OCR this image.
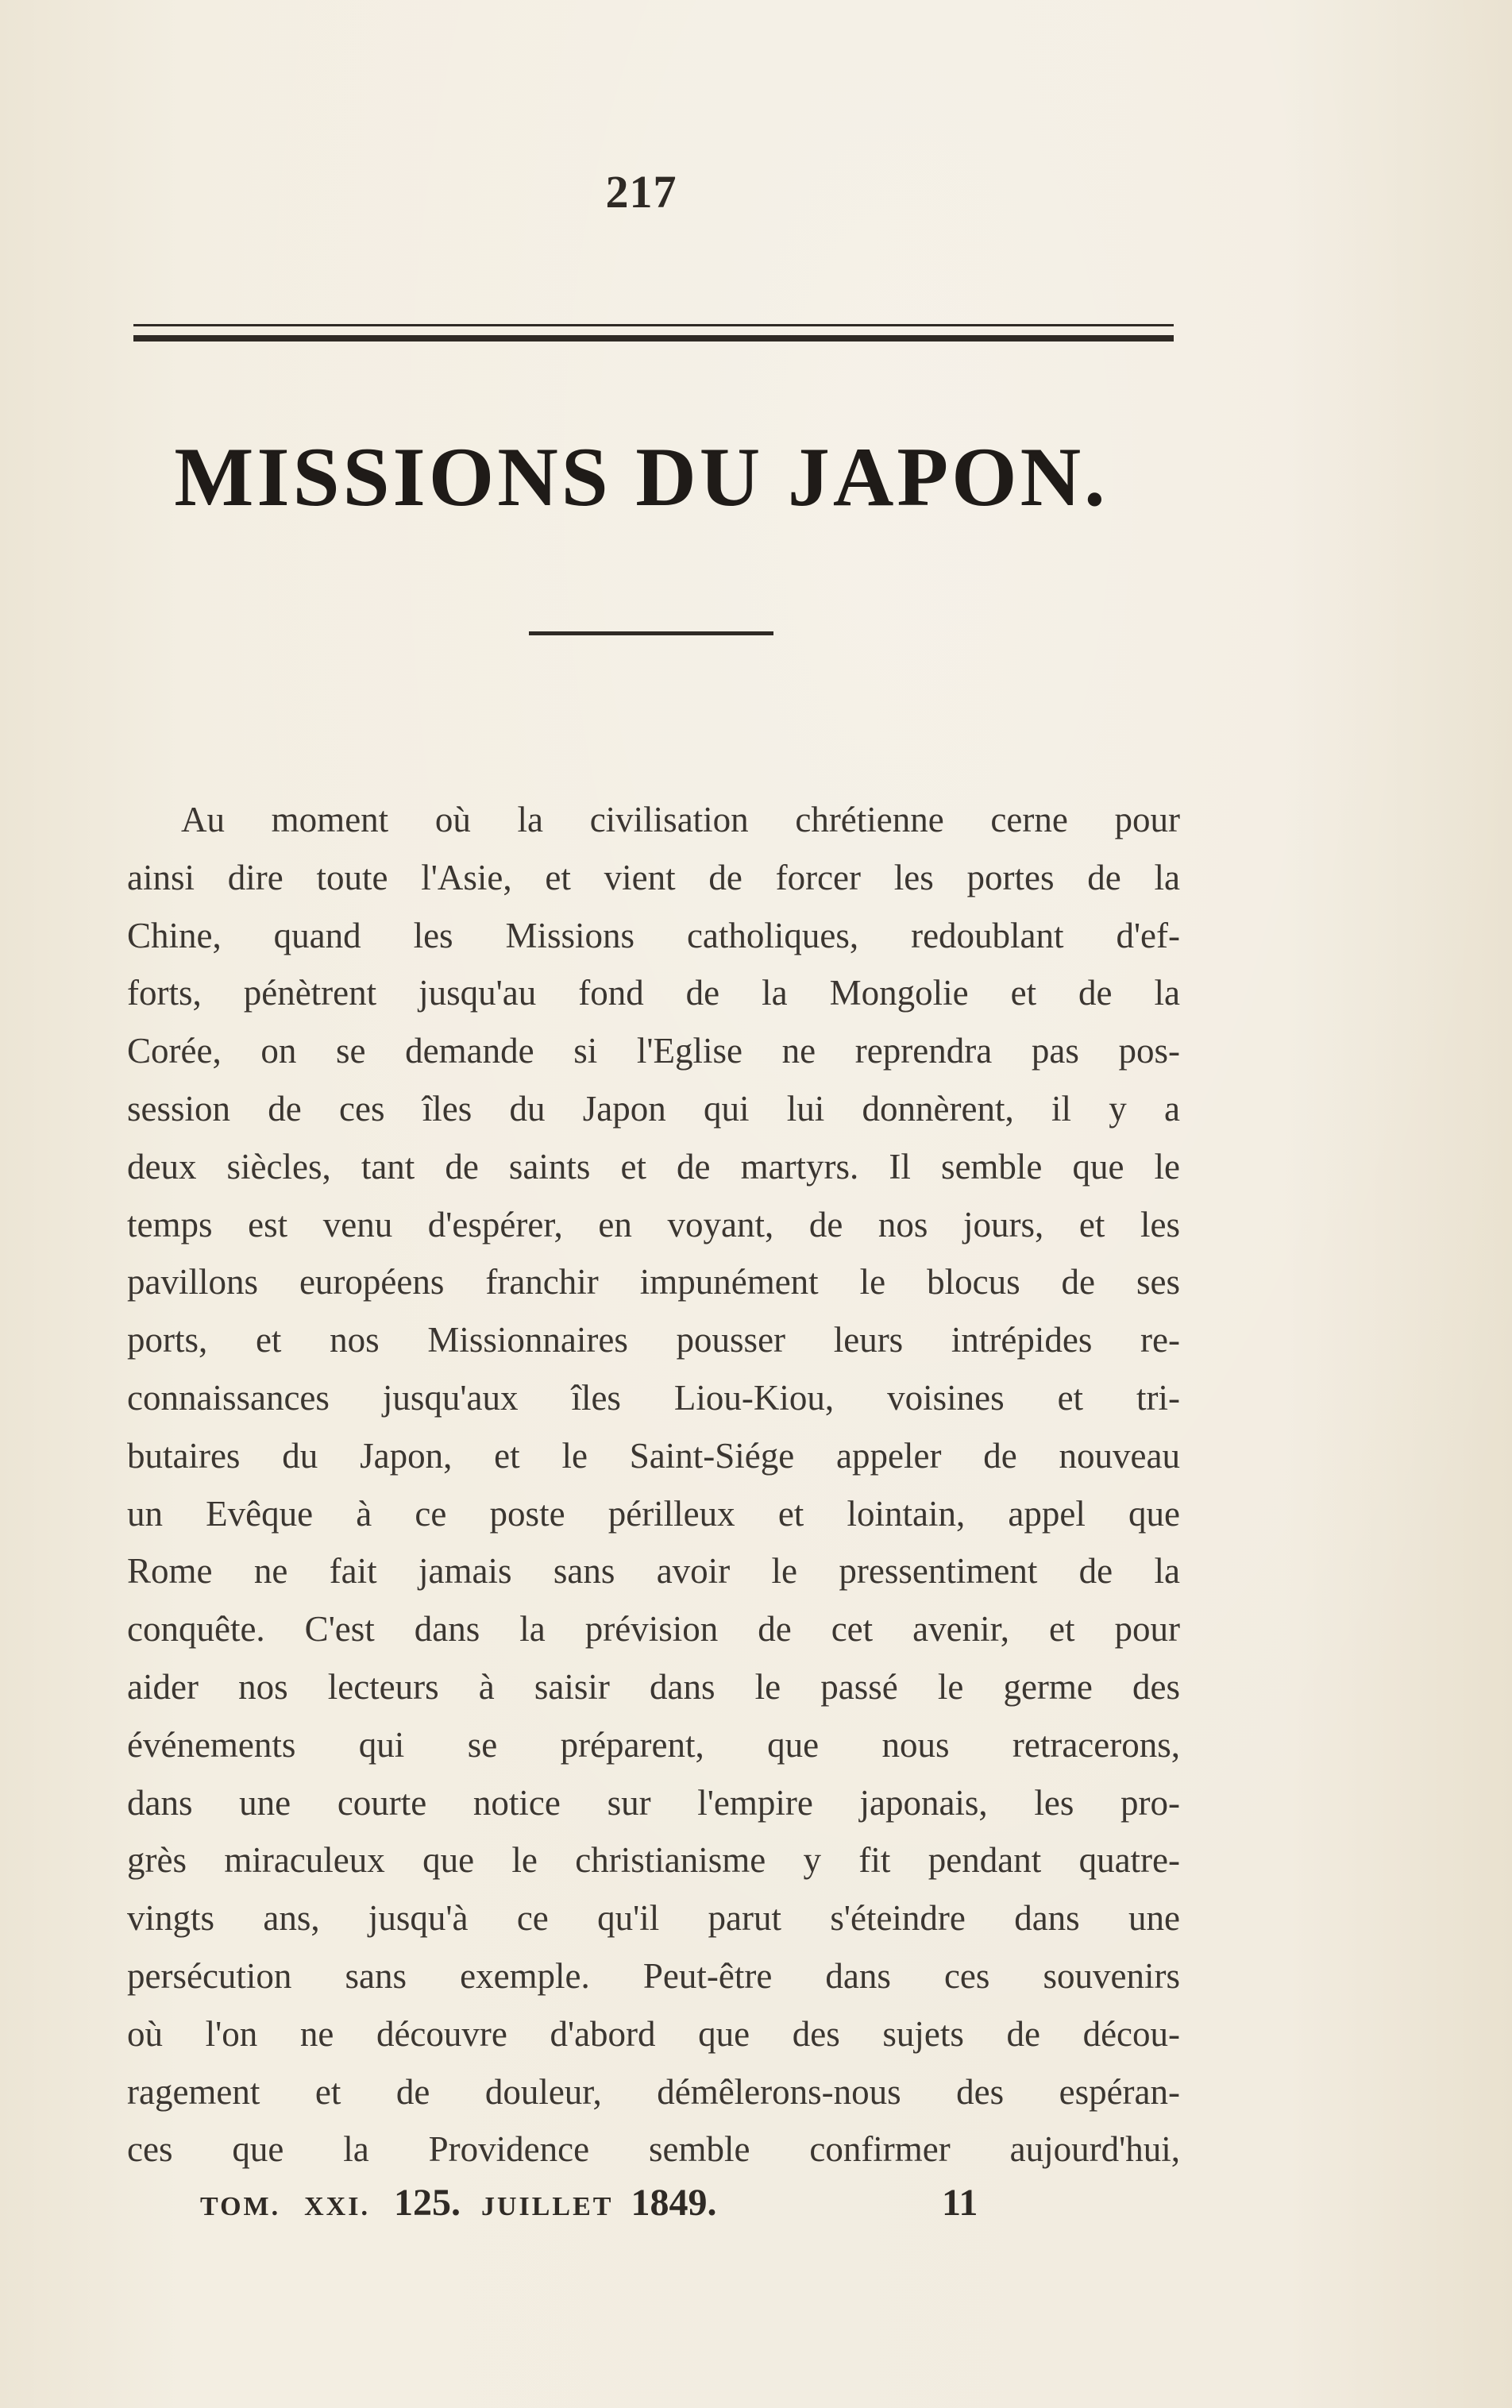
217
MISSIONS DU JAPON.
Au moment où la civilisation chrétienne cerne pour
ainsi dire toute l'Asie, et vient de forcer les portes de la
Chine, quand les Missions catholiques, redoublant d'ef-
forts, pénètrent jusqu'au fond de la Mongolie et de la
Corée, on se demande si l'Eglise ne reprendra pas pos-
session de ces îles du Japon qui lui donnèrent, il y a
deux siècles, tant de saints et de martyrs. Il semble que le
temps est venu d'espérer, en voyant, de nos jours, et les
pavillons européens franchir impunément le blocus de ses
ports, et nos Missionnaires pousser leurs intrépides re-
connaissances jusqu'aux îles Liou-Kiou, voisines et tri-
butaires du Japon, et le Saint-Siége appeler de nouveau
un Evêque à ce poste périlleux et lointain, appel que
Rome ne fait jamais sans avoir le pressentiment de la
conquête. C'est dans la prévision de cet avenir, et pour
aider nos lecteurs à saisir dans le passé le germe des
événements qui se préparent, que nous retracerons,
dans une courte notice sur l'empire japonais, les pro-
grès miraculeux que le christianisme y fit pendant quatre-
vingts ans, jusqu'à ce qu'il parut s'éteindre dans une
persécution sans exemple. Peut-être dans ces souvenirs
où l'on ne découvre d'abord que des sujets de décou-
ragement et de douleur, démêlerons-nous des espéran-
ces que la Providence semble confirmer aujourd'hui,
TOM. XXI. 125. JUILLET 1849.	11
